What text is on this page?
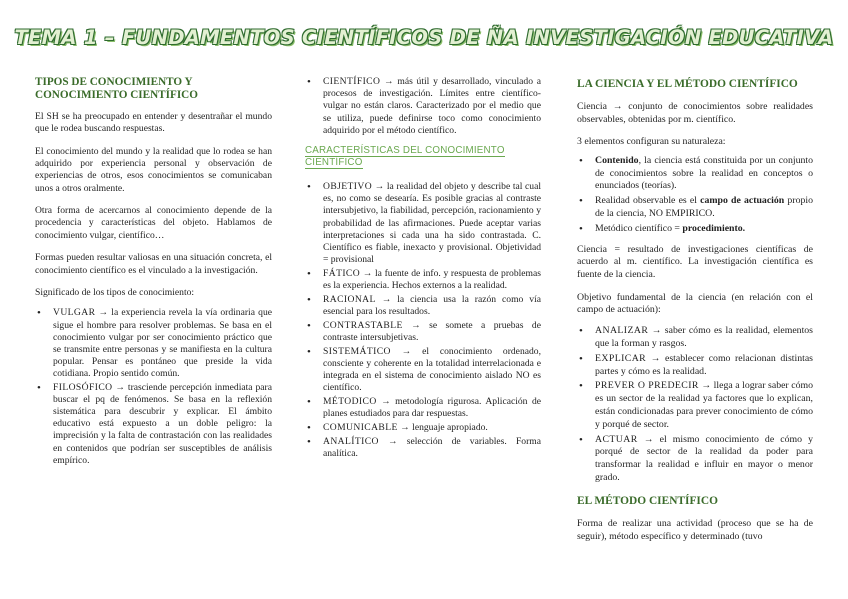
TEMA 1 – FUNDAMENTOS CIENTÍFICOS DE ÑA INVESTIGACIÓN EDUCATIVA
TIPOS DE CONOCIMIENTO Y CONOCIMIENTO CIENTÍFICO

El SH se ha preocupado en entender y desentrañar el mundo que le rodea buscando respuestas.

El conocimiento del mundo y la realidad que lo rodea se han adquirido por experiencia personal y observación de experiencias de otros, esos conocimientos se comunicaban unos a otros oralmente.

Otra forma de acercarnos al conocimiento depende de la procedencia y características del objeto. Hablamos de conocimiento vulgar, científico…

Formas pueden resultar valiosas en una situación concreta, el conocimiento científico es el vinculado a la investigación.

Significado de los tipos de conocimiento:

• VULGAR → la experiencia revela la vía ordinaria que sigue el hombre para resolver problemas. Se basa en el conocimiento vulgar por ser conocimiento práctico que se transmite entre personas y se manifiesta en la cultura popular. Pensar es pontáneo que preside la vida cotidiana. Propio sentido común.
• FILOSÓFICO → trasciende percepción inmediata para buscar el pq de fenómenos. Se basa en la reflexión sistemática para descubrir y explicar. El ámbito educativo está expuesto a un doble peligro: la imprecisión y la falta de contrastación con las realidades en contenidos que podrían ser susceptibles de análisis empírico.
• CIENTÍFICO → más útil y desarrollado, vinculado a procesos de investigación. Límites entre científico-vulgar no están claros. Caracterizado por el medio que se utiliza, puede definirse toco como conocimiento adquirido por el método científico.
CARACTERÍSTICAS DEL CONOCIMIENTO CIENTÍFICO
• OBJETIVO → la realidad del objeto y describe tal cual es, no como se desearía. Es posible gracias al contraste intersubjetivo, la fiabilidad, percepción, racionamiento y probabilidad de las afirmaciones. Puede aceptar varias interpretaciones si cada una ha sido contrastada. C. Científico es fiable, inexacto y provisional. Objetividad = provisional
• FÁTICO → la fuente de info. y respuesta de problemas es la experiencia. Hechos externos a la realidad.
• RACIONAL → la ciencia usa la razón como vía esencial para los resultados.
• CONTRASTABLE → se somete a pruebas de contraste intersubjetivas.
• SISTEMÁTICO → el conocimiento ordenado, consciente y coherente en la totalidad interrelacionada e integrada en el sistema de conocimiento aislado NO es científico.
• MÉTODICO → metodología rigurosa. Aplicación de planes estudiados para dar respuestas.
• COMUNICABLE → lenguaje apropiado.
• ANALÍTICO → selección de variables. Forma analítica.
LA CIENCIA Y EL MÉTODO CIENTÍFICO

Ciencia → conjunto de conocimientos sobre realidades observables, obtenidas por m. científico.

3 elementos configuran su naturaleza:

• Contenido, la ciencia está constituida por un conjunto de conocimientos sobre la realidad en conceptos o enunciados (teorías).
• Realidad observable es el campo de actuación propio de la ciencia, NO EMPIRICO.
• Metódico científico = procedimiento.

Ciencia = resultado de investigaciones científicas de acuerdo al m. científico. La investigación científica es fuente de la ciencia.

Objetivo fundamental de la ciencia (en relación con el campo de actuación):

• ANALIZAR → saber cómo es la realidad, elementos que la forman y rasgos.
• EXPLICAR → establecer como relacionan distintas partes y cómo es la realidad.
• PREVER O PREDECIR → llega a lograr saber cómo es un sector de la realidad ya factores que lo explican, están condicionadas para prever conocimiento de cómo y porqué de sector.
• ACTUAR → el mismo conocimiento de cómo y porqué de sector de la realidad da poder para transformar la realidad e influir en mayor o menor grado.
EL MÉTODO CIENTÍFICO

Forma de realizar una actividad (proceso que se ha de seguir), método específico y determinado (tuvo
